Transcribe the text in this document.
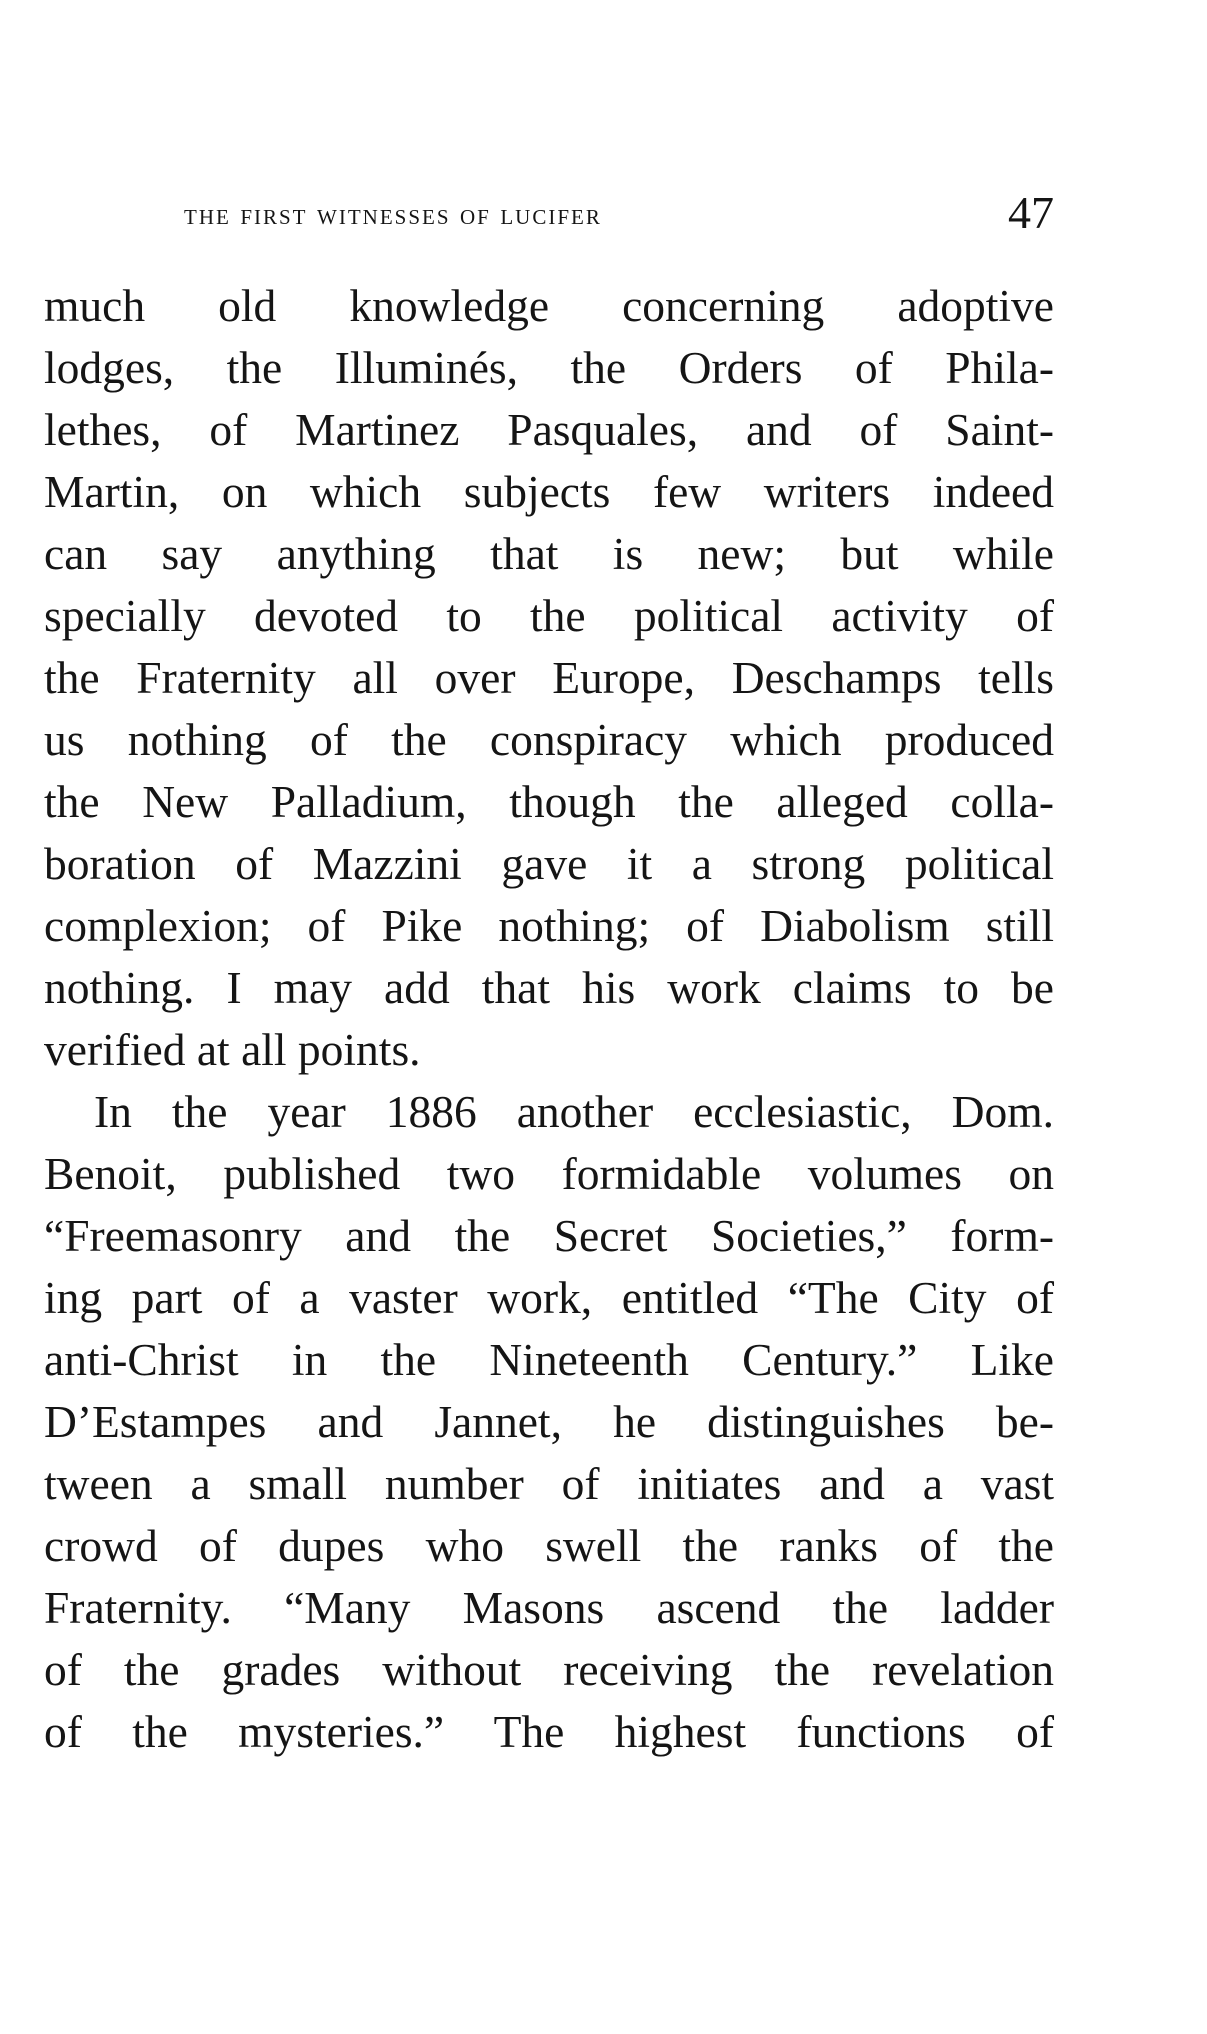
the first witnesses of lucifer	47
much old knowledge concerning adoptive
lodges, the Illuminés, the Orders of Phila-
lethes, of Martinez Pasquales, and of Saint-
Martin, on which subjects few writers indeed
can say anything that is new; but while
specially devoted to the political activity of
the Fraternity all over Europe, Deschamps tells
us nothing of the conspiracy which produced
the New Palladium, though the alleged colla-
boration of Mazzini gave it a strong political
complexion; of Pike nothing; of Diabolism still
nothing. I may add that his work claims to be
verified at all points.
In the year 1886 another ecclesiastic, Dom.
Benoit, published two formidable volumes on
“Freemasonry and the Secret Societies,” form-
ing part of a vaster work, entitled “The City of
anti-Christ in the Nineteenth Century.” Like
D’Estampes and Jannet, he distinguishes be-
tween a small number of initiates and a vast
crowd of dupes who swell the ranks of the
Fraternity. “Many Masons ascend the ladder
of the grades without receiving the revelation
of the mysteries.” The highest functions of
